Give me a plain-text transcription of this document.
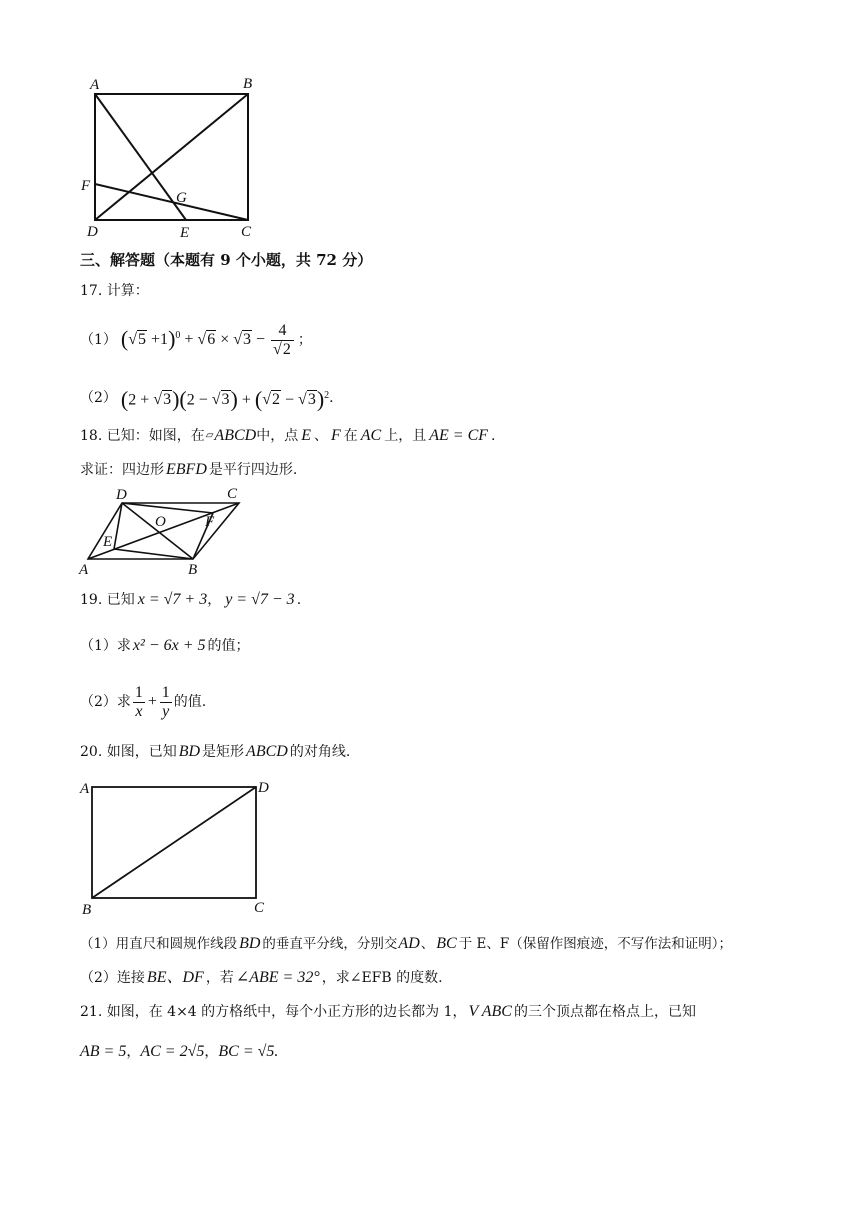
A	B
F
G
D	E	C
三、解答题（本题有 9 个小题，共 72 分）
17. 计算：
（1） $(√5 +1)^0 + √6 \times √3 - \frac{4}{√2}$ ；
（2） $(2 + √3)(2 - √3) + (√2 - √3)^2$ .
18. 已知：如图，在 ▱ ABCD 中，点 E 、 F 在 AC 上，且 AE = CF .
求证：四边形 EBFD 是平行四边形.
D	C
O	F
E
A	B
19. 已知 x = √7 + 3 ， y = √7 − 3 .
（1）求 x² − 6x + 5 的值；
（2）求 $\frac{1}{x} + \frac{1}{y}$ 的值.
20. 如图，已知 BD 是矩形 ABCD 的对角线.
A	D
B	C
（1）用直尺和圆规作线段 BD 的垂直平分线，分别交 AD 、 BC 于 E、F（保留作图痕迹，不写作法和证明）；
（2）连接 BE、DF ，若 ∠ABE = 32° ，求∠EFB 的度数.
21. 如图，在 4×4 的方格纸中，每个小正方形的边长都为 1， V ABC 的三个顶点都在格点上，已知
AB = 5 ， AC = 2√5 ， BC = √5.
